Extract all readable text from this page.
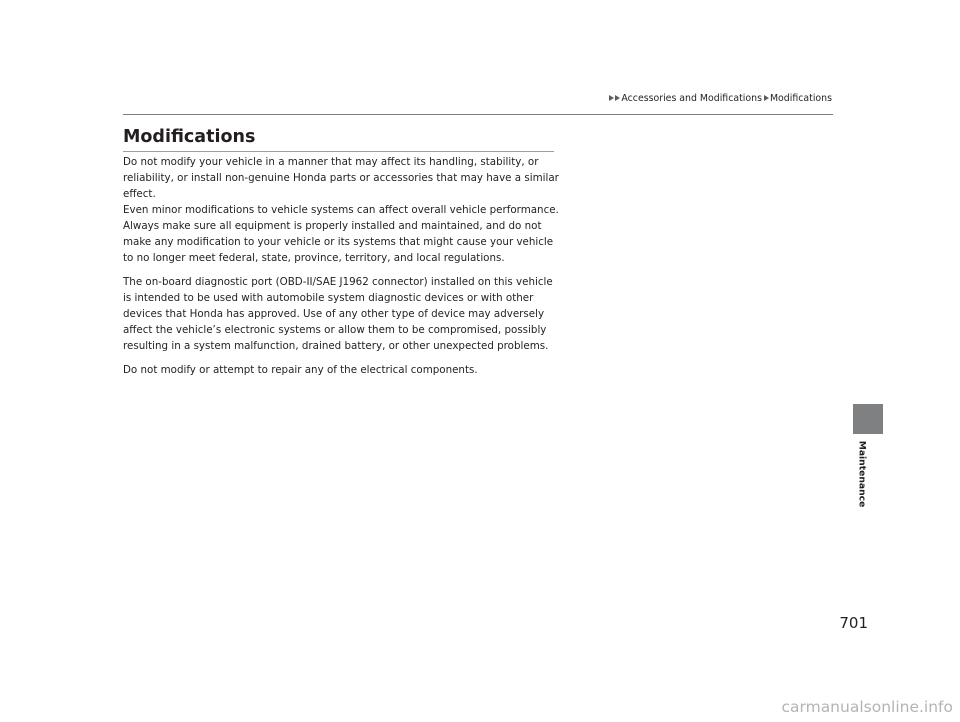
Accessories and Modifications Modifications
Modifications

Do not modify your vehicle in a manner that may affect its handling, stability, or reliability, or install non-genuine Honda parts or accessories that may have a similar effect.

Even minor modifications to vehicle systems can affect overall vehicle performance. Always make sure all equipment is properly installed and maintained, and do not make any modification to your vehicle or its systems that might cause your vehicle to no longer meet federal, state, province, territory, and local regulations.

The on-board diagnostic port (OBD-II/SAE J1962 connector) installed on this vehicle is intended to be used with automobile system diagnostic devices or with other devices that Honda has approved. Use of any other type of device may adversely affect the vehicle’s electronic systems or allow them to be compromised, possibly resulting in a system malfunction, drained battery, or other unexpected problems.

Do not modify or attempt to repair any of the electrical components.

Maintenance
701
carmanualsonline.info
